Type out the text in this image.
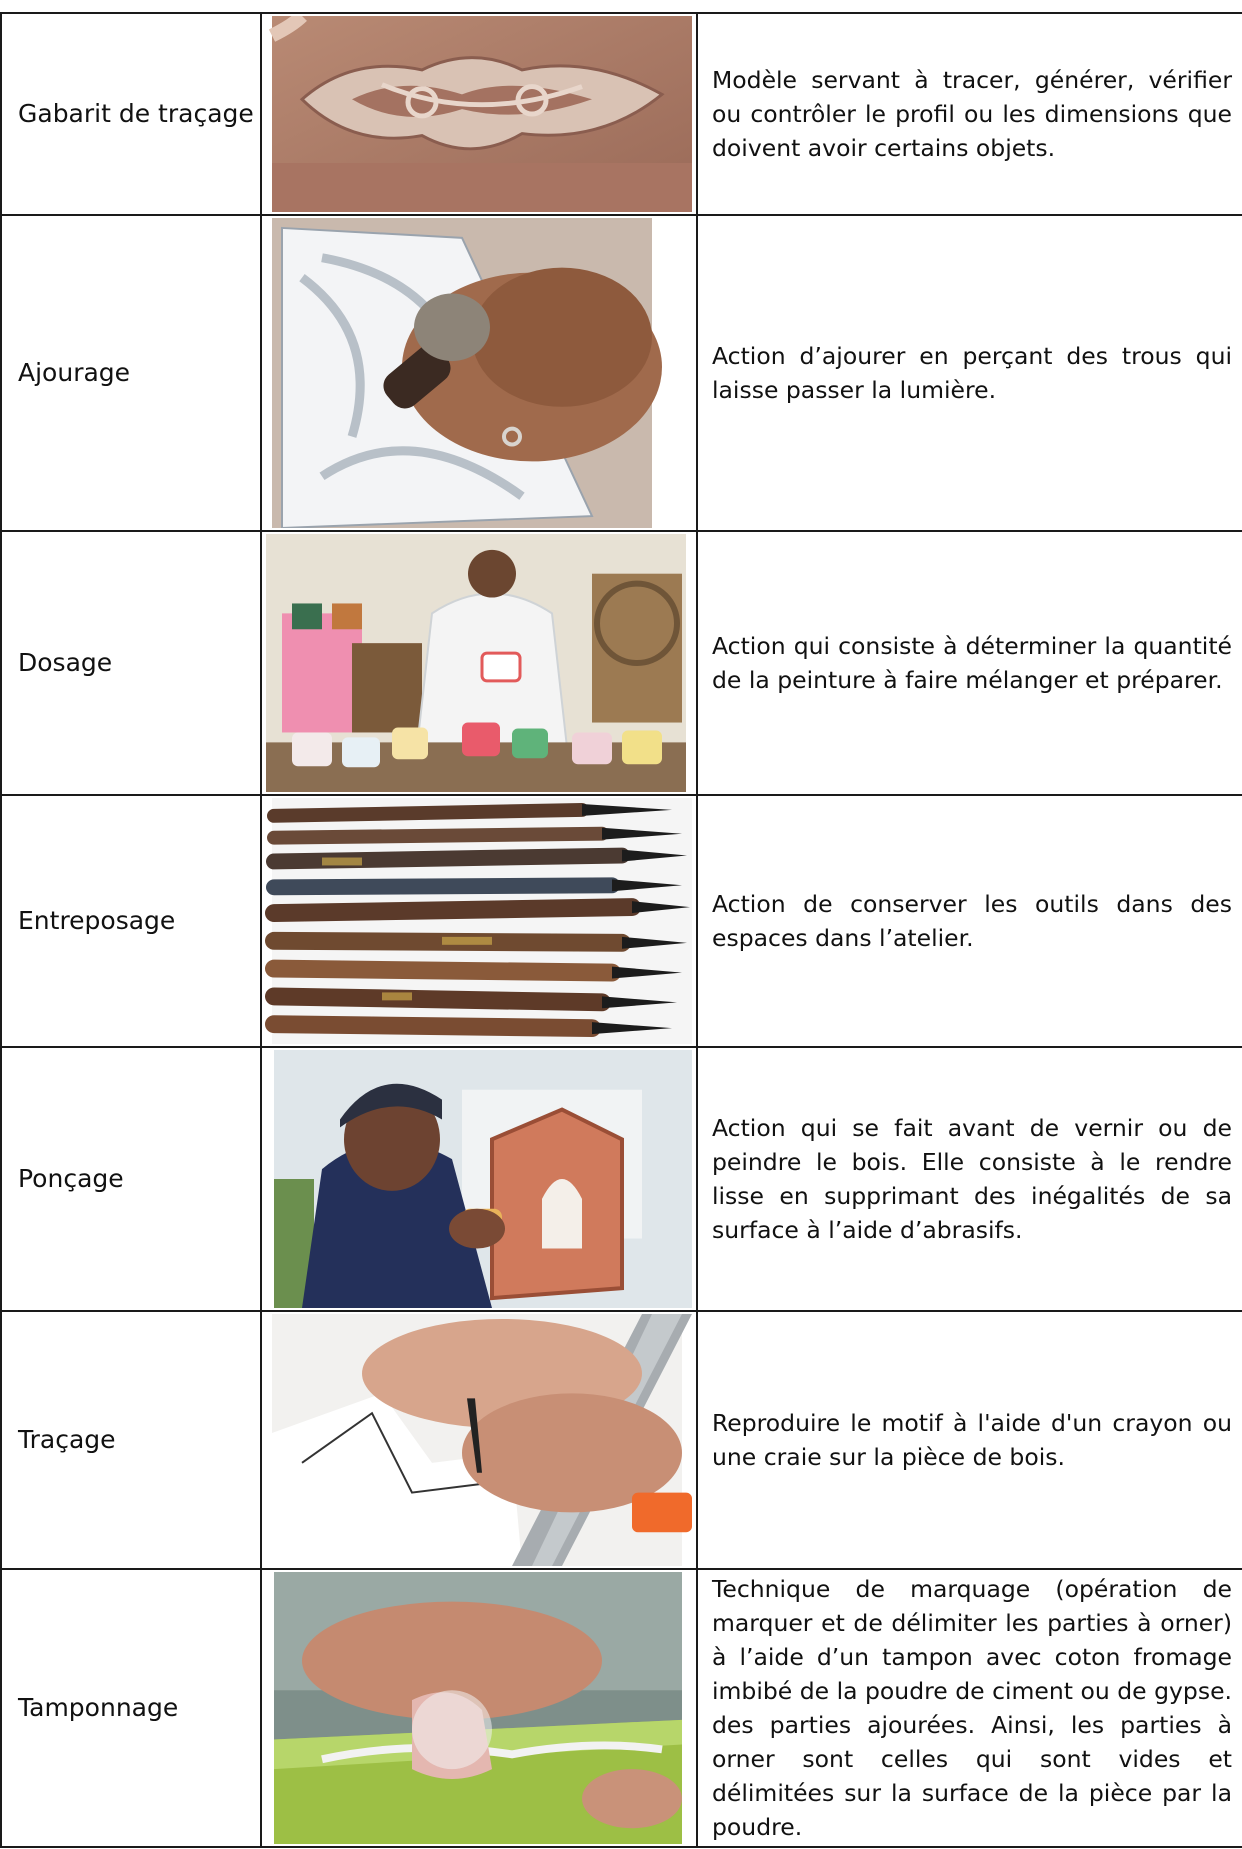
Gabarit de traçage
Modèle servant à tracer, générer, vérifier ou contrôler le profil ou les dimensions que doivent avoir certains objets.
Ajourage
Action d’ajourer en perçant des trous qui laisse passer la lumière.
Dosage
Action qui consiste à déterminer la quantité de la peinture à faire mélanger et préparer.
Entreposage
Action de conserver les outils dans des espaces dans l’atelier.
Ponçage
Action qui se fait avant de vernir ou de peindre le bois. Elle consiste à le rendre lisse en supprimant des inégalités de sa surface à l’aide d’abrasifs.
Traçage
Reproduire le motif à l'aide d'un crayon ou une craie sur la pièce de bois.
Tamponnage
Technique de marquage (opération de marquer et de délimiter les parties à orner) à l’aide d’un tampon avec coton fromage imbibé de la poudre de ciment ou de gypse. des parties ajourées. Ainsi, les parties à orner sont celles qui sont vides et délimitées sur la surface de la pièce par la poudre.
